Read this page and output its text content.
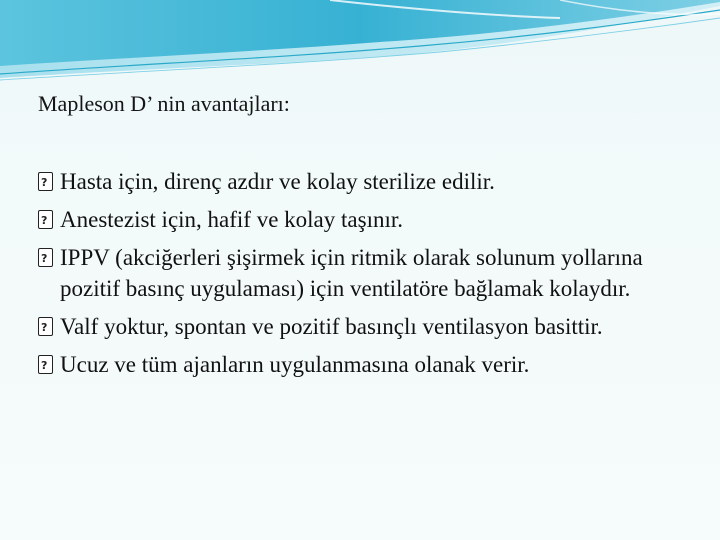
Mapleson D’ nin avantajları:
?
Hasta için, direnç azdır ve kolay sterilize edilir.
?
Anestezist için, hafif ve kolay taşınır.
?
IPPV (akciğerleri şişirmek için ritmik olarak solunum yollarına pozitif basınç uygulaması) için ventilatöre bağlamak kolaydır.
?
Valf yoktur, spontan ve pozitif basınçlı ventilasyon basittir.
?
Ucuz ve tüm ajanların uygulanmasına olanak verir.
